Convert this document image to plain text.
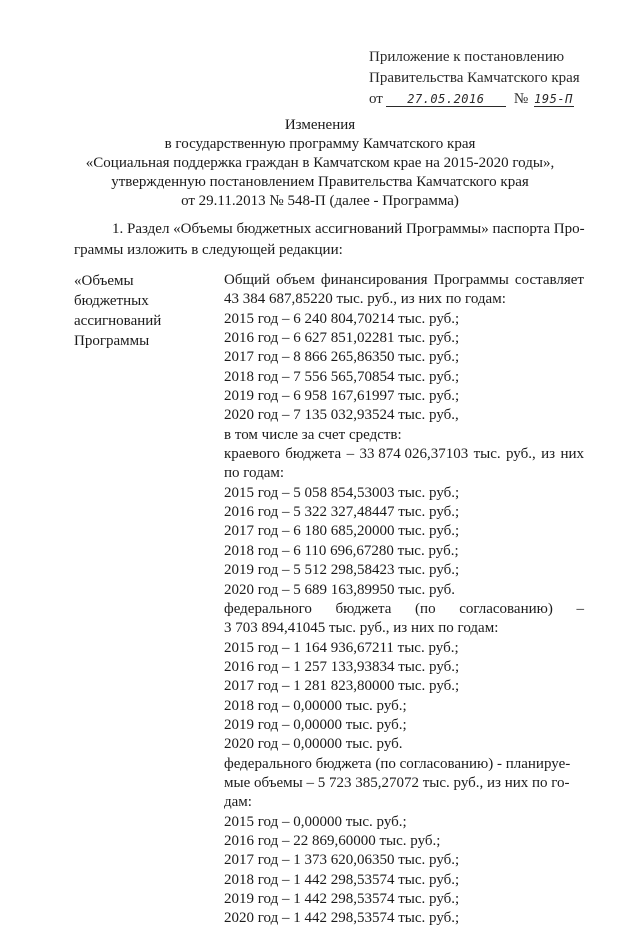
Приложение к постановлению
Правительства Камчатского края
от 27.05.2016 № 195-П
Изменения
в государственную программу Камчатского края
«Социальная поддержка граждан в Камчатском крае на 2015-2020 годы»,
утвержденную постановлением Правительства Камчатского края
от 29.11.2013 № 548-П (далее - Программа)
1. Раздел «Объемы бюджетных ассигнований Программы» паспорта Про-
граммы изложить в следующей редакции:
«Объемы
бюджетных
ассигнований
Программы
Общий объем финансирования Программы составляет
43 384 687,85220 тыс. руб., из них по годам:
2015 год – 6 240 804,70214 тыс. руб.;
2016 год – 6 627 851,02281 тыс. руб.;
2017 год – 8 866 265,86350 тыс. руб.;
2018 год – 7 556 565,70854 тыс. руб.;
2019 год – 6 958 167,61997 тыс. руб.;
2020 год – 7 135 032,93524 тыс. руб.,
в том числе за счет средств:
краевого бюджета – 33 874 026,37103 тыс. руб., из них
по годам:
2015 год – 5 058 854,53003 тыс. руб.;
2016 год – 5 322 327,48447 тыс. руб.;
2017 год – 6 180 685,20000 тыс. руб.;
2018 год – 6 110 696,67280 тыс. руб.;
2019 год – 5 512 298,58423 тыс. руб.;
2020 год – 5 689 163,89950 тыс. руб.
федерального бюджета (по согласованию) –
3 703 894,41045 тыс. руб., из них по годам:
2015 год – 1 164 936,67211 тыс. руб.;
2016 год – 1 257 133,93834 тыс. руб.;
2017 год – 1 281 823,80000 тыс. руб.;
2018 год – 0,00000 тыс. руб.;
2019 год – 0,00000 тыс. руб.;
2020 год – 0,00000 тыс. руб.
федерального бюджета (по согласованию) - планируе-
мые объемы – 5 723 385,27072 тыс. руб., из них по го-
дам:
2015 год – 0,00000 тыс. руб.;
2016 год – 22 869,60000 тыс. руб.;
2017 год – 1 373 620,06350 тыс. руб.;
2018 год – 1 442 298,53574 тыс. руб.;
2019 год – 1 442 298,53574 тыс. руб.;
2020 год – 1 442 298,53574 тыс. руб.;
